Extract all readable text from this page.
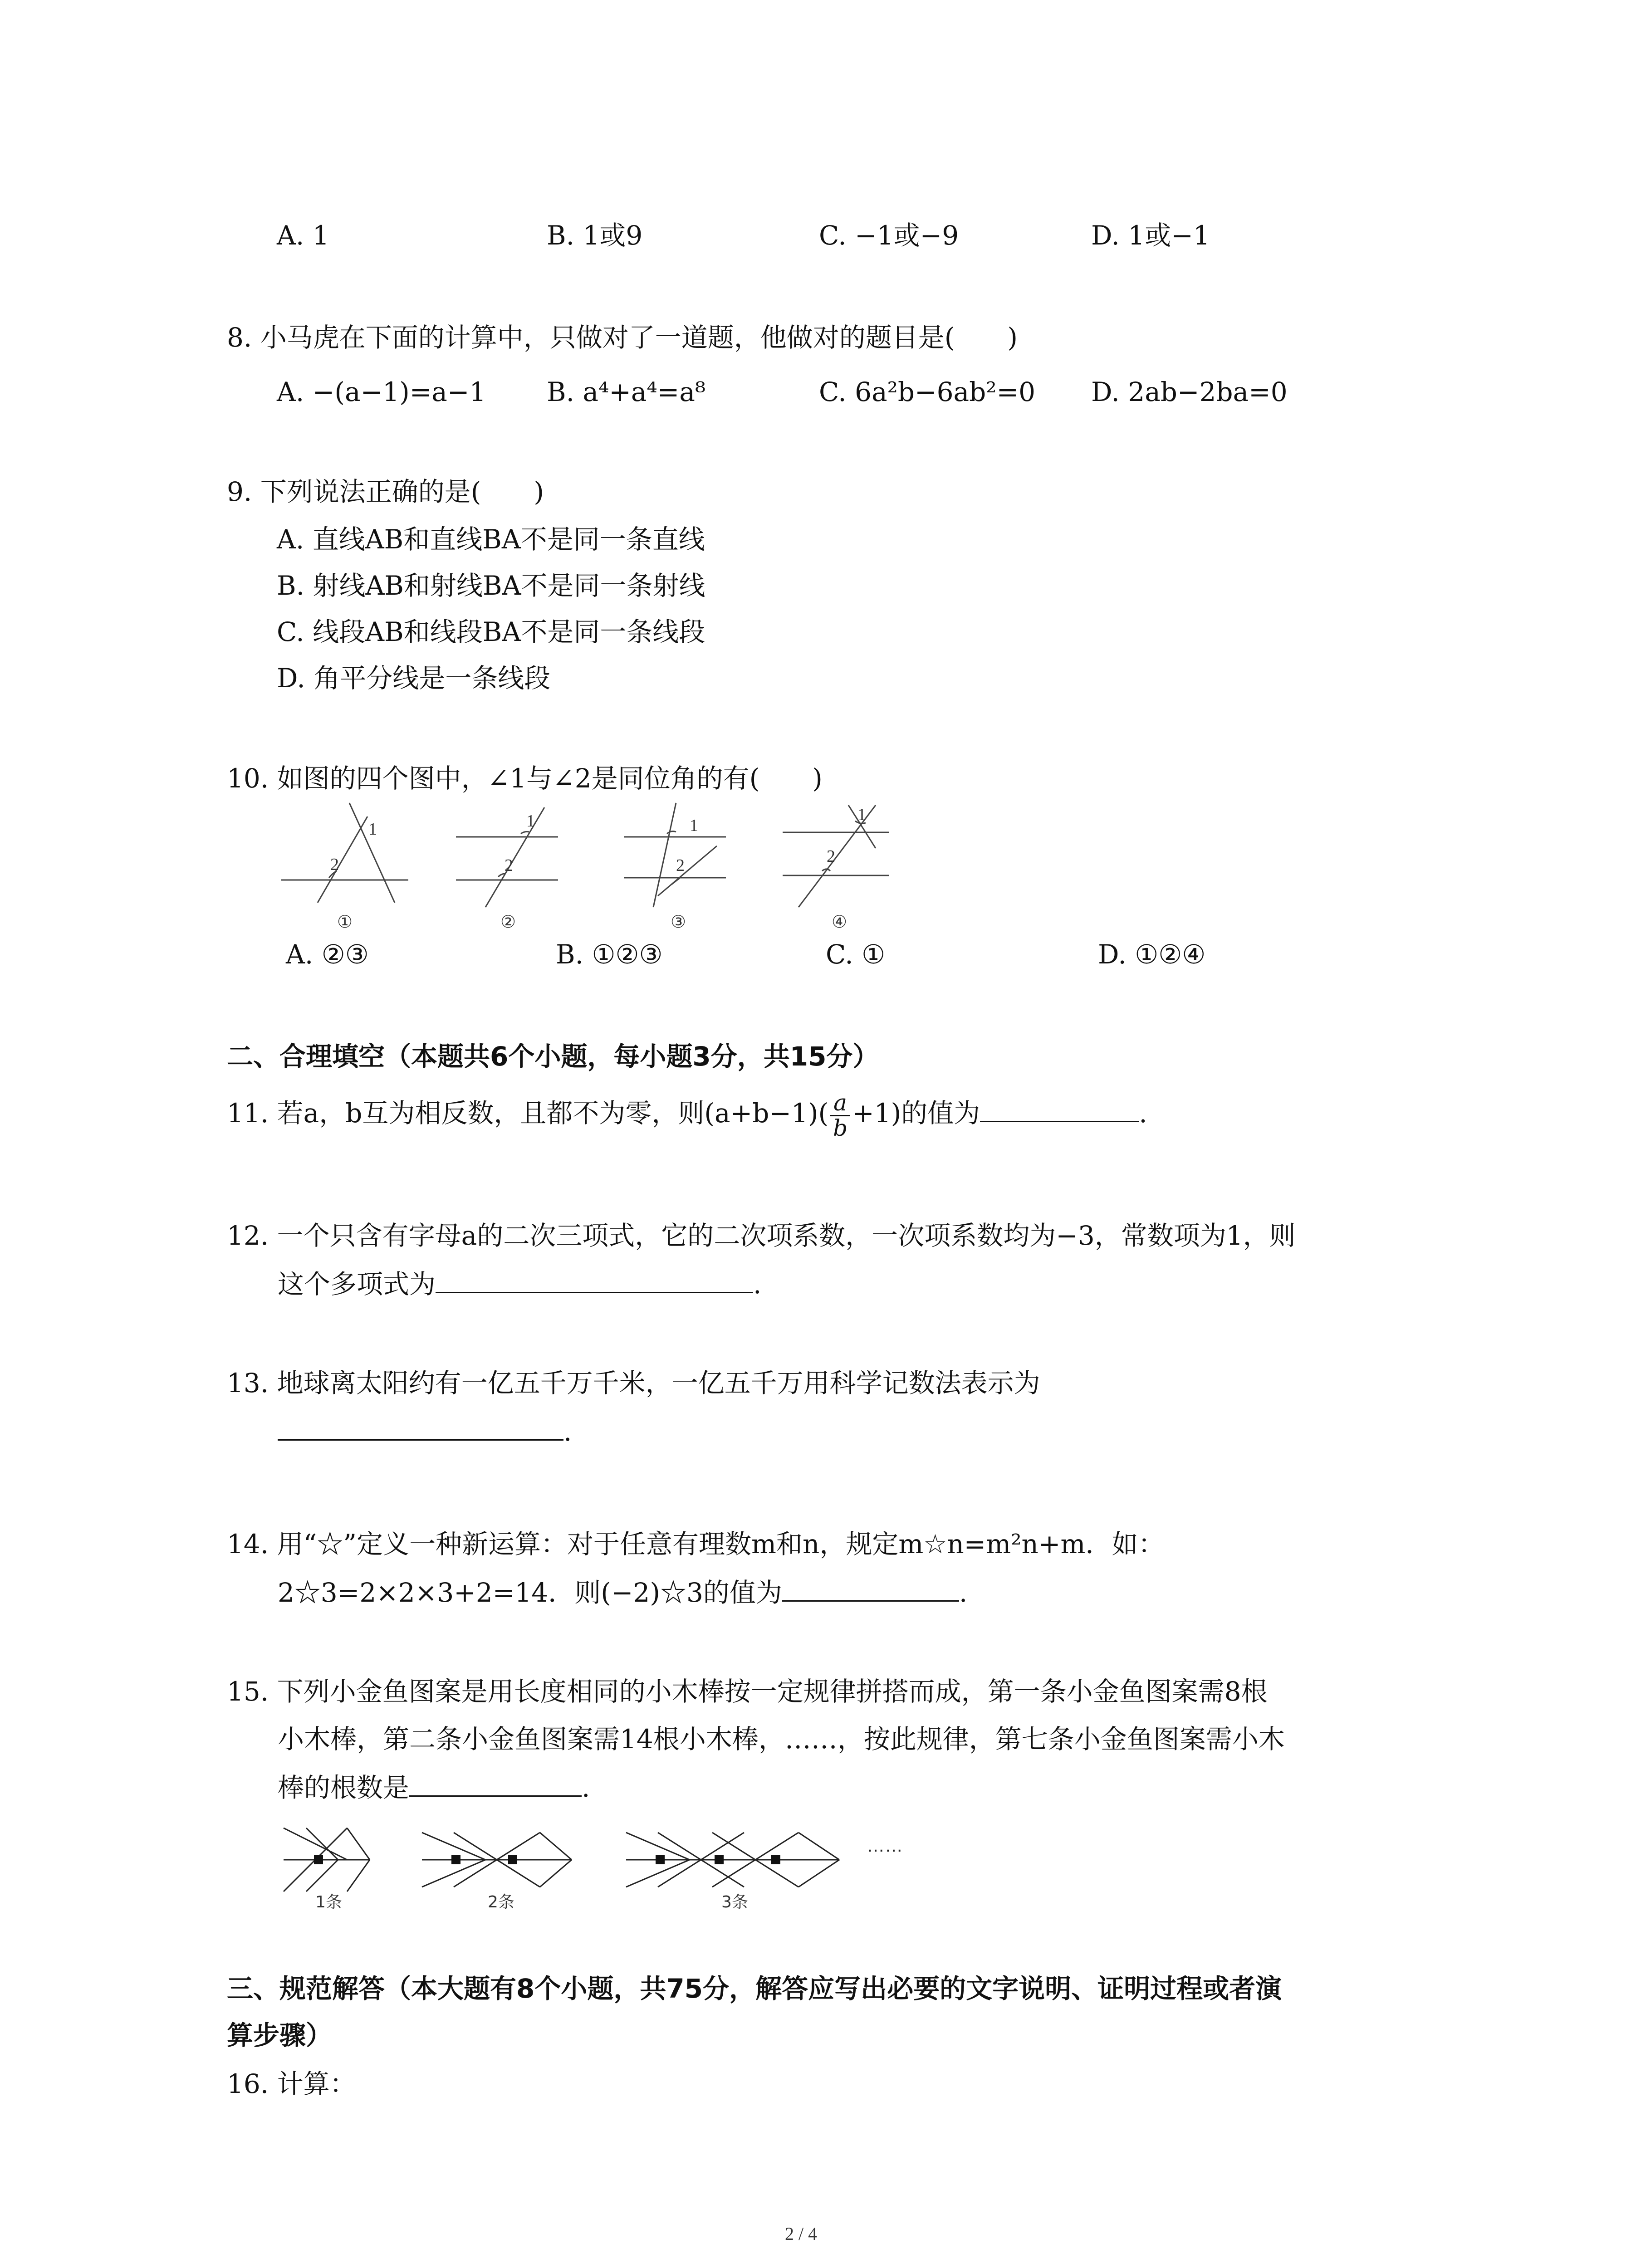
A. 1	B. 1或9	C. −1或−9	D. 1或−1
8. 小马虎在下面的计算中，只做对了一道题，他做对的题目是(　　)
A. −(a−1)=a−1 B. a⁴+a⁴=a⁸	C. 6a²b−6ab²=0 D. 2ab−2ba=0
9. 下列说法正确的是(　　)
A. 直线AB和直线BA不是同一条直线
B. 射线AB和射线BA不是同一条射线
C. 线段AB和线段BA不是同一条线段
D. 角平分线是一条线段
10. 如图的四个图中，∠1与∠2是同位角的有(　　)
1
2
1
2
1
2
1
2
①	②	③	④
A. ②③	B. ①②③	C. ①	D. ①②④
二、合理填空（本题共6个小题，每小题3分，共15分）
11. 若a，b互为相反数，且都不为零，则$(a+b-1)( \frac{a}{b} +1)$的值为	.
12. 一个只含有字母a的二次三项式，它的二次项系数，一次项系数均为−3，常数项为1，则
这个多项式为	.
13. 地球离太阳约有一亿五千万千米，一亿五千万用科学记数法表示为
.
14. 用“☆”定义一种新运算：对于任意有理数m和n，规定m☆n=m²n+m．如：
2☆3=2×2×3+2=14．则(−2)☆3的值为	.
15. 下列小金鱼图案是用长度相同的小木棒按一定规律拼搭而成，第一条小金鱼图案需8根
小木棒，第二条小金鱼图案需14根小木棒，……，按此规律，第七条小金鱼图案需小木
棒的根数是	.
……
1条	2条	3条
三、规范解答（本大题有8个小题，共75分，解答应写出必要的文字说明、证明过程或者演
算步骤）
16. 计算：
2 / 4
